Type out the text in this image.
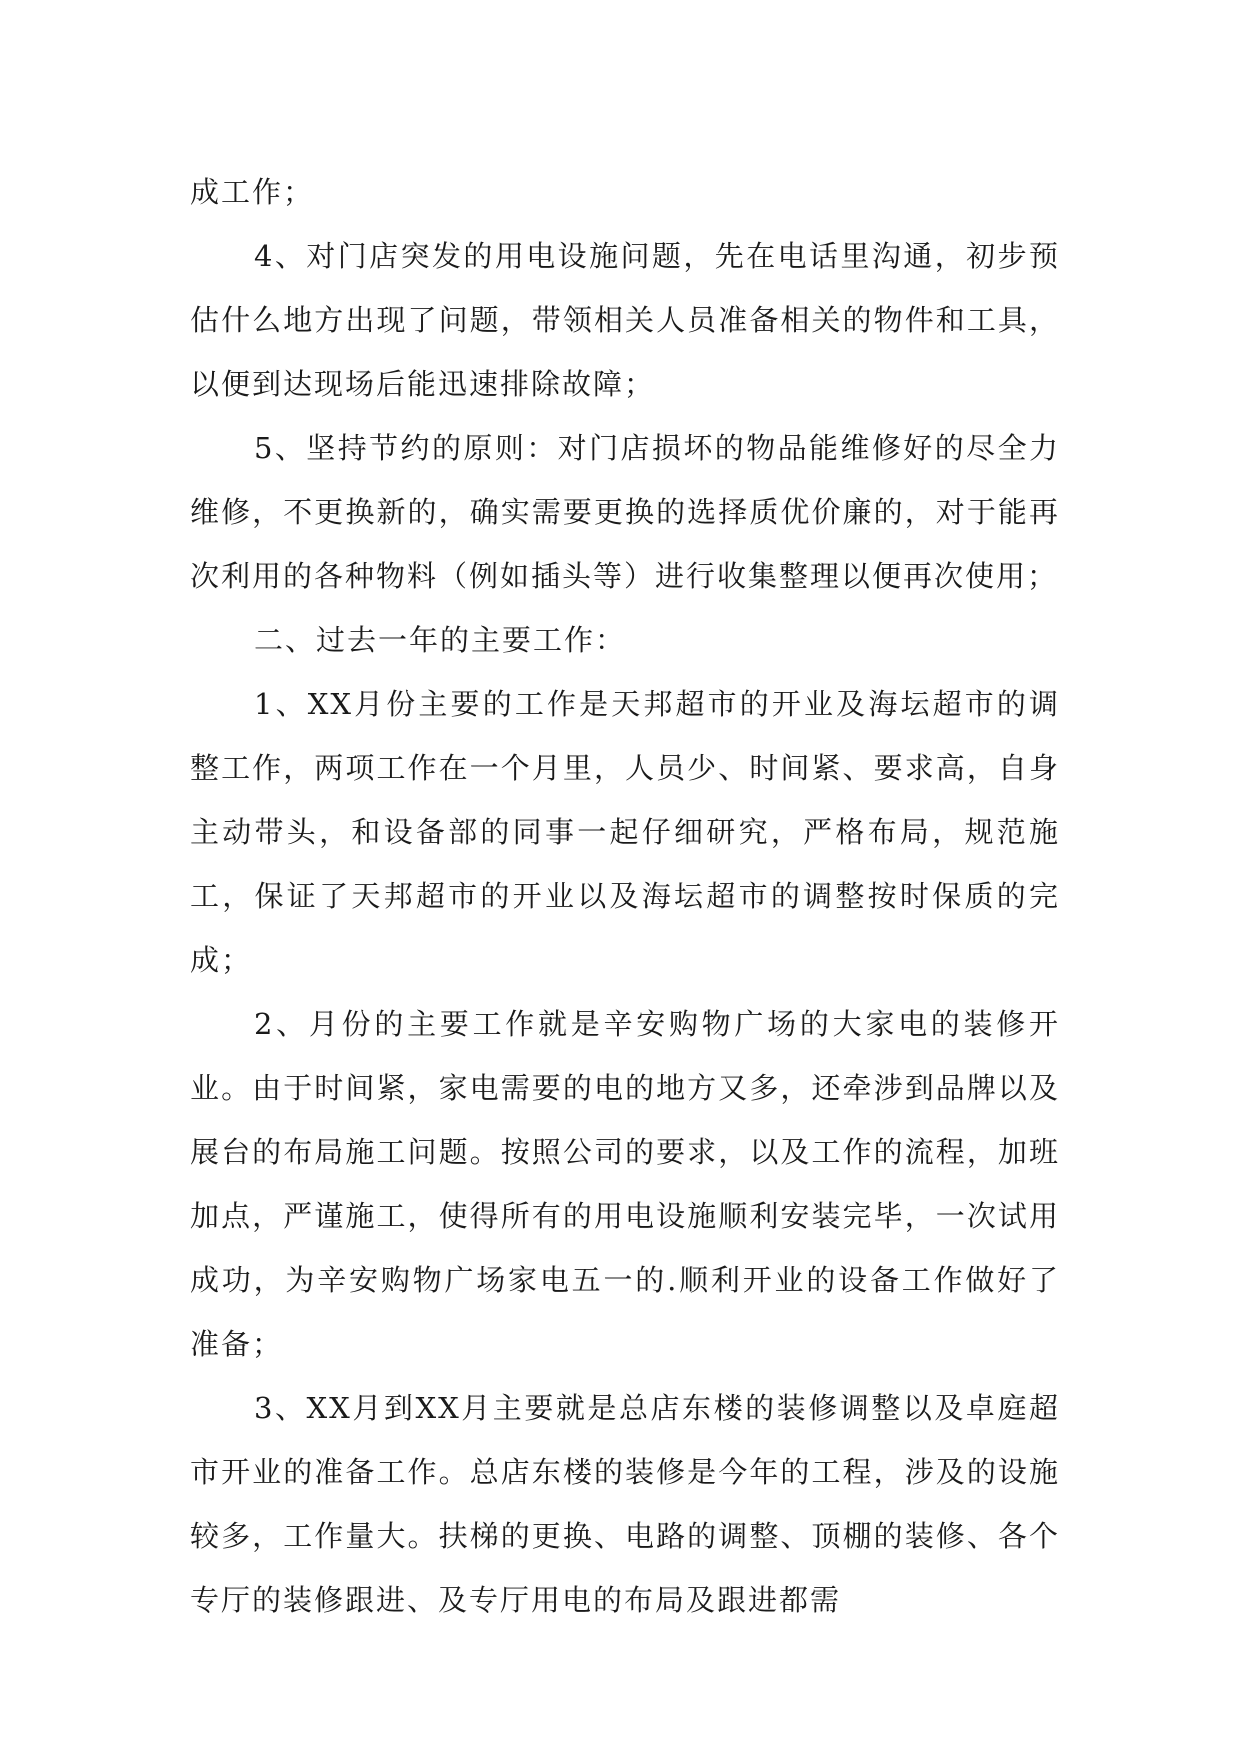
成工作；

4、对门店突发的用电设施问题，先在电话里沟通，初步预估什么地方出现了问题，带领相关人员准备相关的物件和工具，以便到达现场后能迅速排除故障；

5、坚持节约的原则：对门店损坏的物品能维修好的尽全力维修，不更换新的，确实需要更换的选择质优价廉的，对于能再次利用的各种物料（例如插头等）进行收集整理以便再次使用；

二、过去一年的主要工作：

1、XX月份主要的工作是天邦超市的开业及海坛超市的调整工作，两项工作在一个月里，人员少、时间紧、要求高，自身主动带头，和设备部的同事一起仔细研究，严格布局，规范施工，保证了天邦超市的开业以及海坛超市的调整按时保质的完成；

2、月份的主要工作就是辛安购物广场的大家电的装修开业。由于时间紧，家电需要的电的地方又多，还牵涉到品牌以及展台的布局施工问题。按照公司的要求，以及工作的流程，加班加点，严谨施工，使得所有的用电设施顺利安装完毕，一次试用成功，为辛安购物广场家电五一的.顺利开业的设备工作做好了准备；

3、XX月到XX月主要就是总店东楼的装修调整以及卓庭超市开业的准备工作。总店东楼的装修是今年的工程，涉及的设施较多，工作量大。扶梯的更换、电路的调整、顶棚的装修、各个专厅的装修跟进、及专厅用电的布局及跟进都需
